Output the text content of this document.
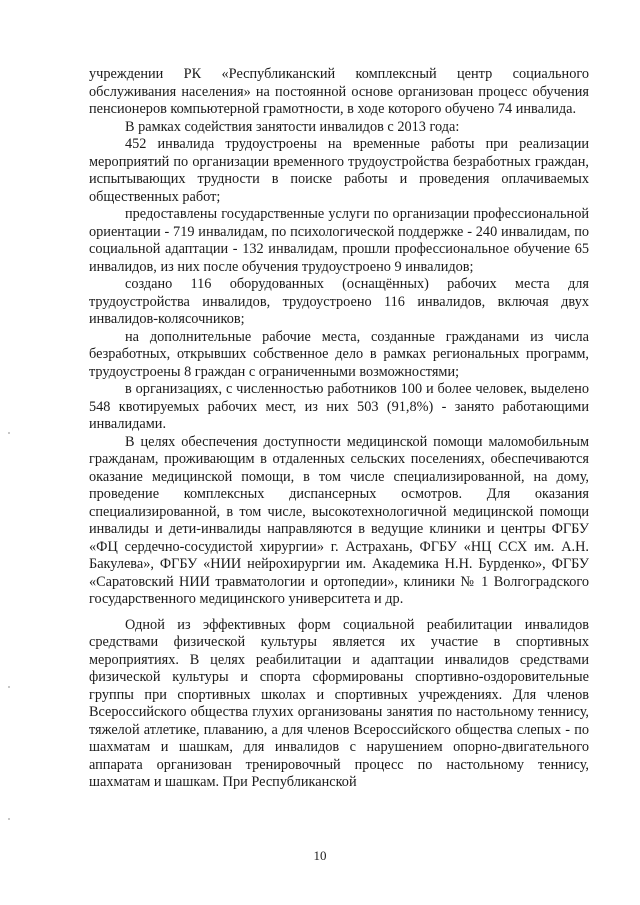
учреждении РК «Республиканский комплексный центр социального обслуживания населения» на постоянной основе организован процесс обучения пенсионеров компьютерной грамотности, в ходе которого обучено 74 инвалида.

В рамках содействия занятости инвалидов с 2013 года:

452 инвалида трудоустроены на временные работы при реализации мероприятий по организации временного трудоустройства безработных граждан, испытывающих трудности в поиске работы и проведения оплачиваемых общественных работ;

предоставлены государственные услуги по организации профессиональной ориентации - 719 инвалидам, по психологической поддержке - 240 инвалидам, по социальной адаптации - 132 инвалидам, прошли профессиональное обучение 65 инвалидов, из них после обучения трудоустроено 9 инвалидов;

создано 116 оборудованных (оснащённых) рабочих места для трудоустройства инвалидов, трудоустроено 116 инвалидов, включая двух инвалидов-колясочников;

на дополнительные рабочие места, созданные гражданами из числа безработных, открывших собственное дело в рамках региональных программ, трудоустроены 8 граждан с ограниченными возможностями;

в организациях, с численностью работников 100 и более человек, выделено 548 квотируемых рабочих мест, из них 503 (91,8%) - занято работающими инвалидами.

В целях обеспечения доступности медицинской помощи маломобильным гражданам, проживающим в отдаленных сельских поселениях, обеспечиваются оказание медицинской помощи, в том числе специализированной, на дому, проведение комплексных диспансерных осмотров. Для оказания специализированной, в том числе, высокотехнологичной медицинской помощи инвалиды и дети-инвалиды направляются в ведущие клиники и центры ФГБУ «ФЦ сердечно-сосудистой хирургии» г. Астрахань, ФГБУ «НЦ ССХ им. А.Н. Бакулева», ФГБУ «НИИ нейрохирургии им. Академика Н.Н. Бурденко», ФГБУ «Саратовский НИИ травматологии и ортопедии», клиники № 1 Волгоградского государственного медицинского университета и др.

Одной из эффективных форм социальной реабилитации инвалидов средствами физической культуры является их участие в спортивных мероприятиях. В целях реабилитации и адаптации инвалидов средствами физической культуры и спорта сформированы спортивно-оздоровительные группы при спортивных школах и спортивных учреждениях. Для членов Всероссийского общества глухих организованы занятия по настольному теннису, тяжелой атлетике, плаванию, а для членов Всероссийского общества слепых - по шахматам и шашкам, для инвалидов с нарушением опорно-двигательного аппарата организован тренировочный процесс по настольному теннису, шахматам и шашкам. При Республиканской

10
